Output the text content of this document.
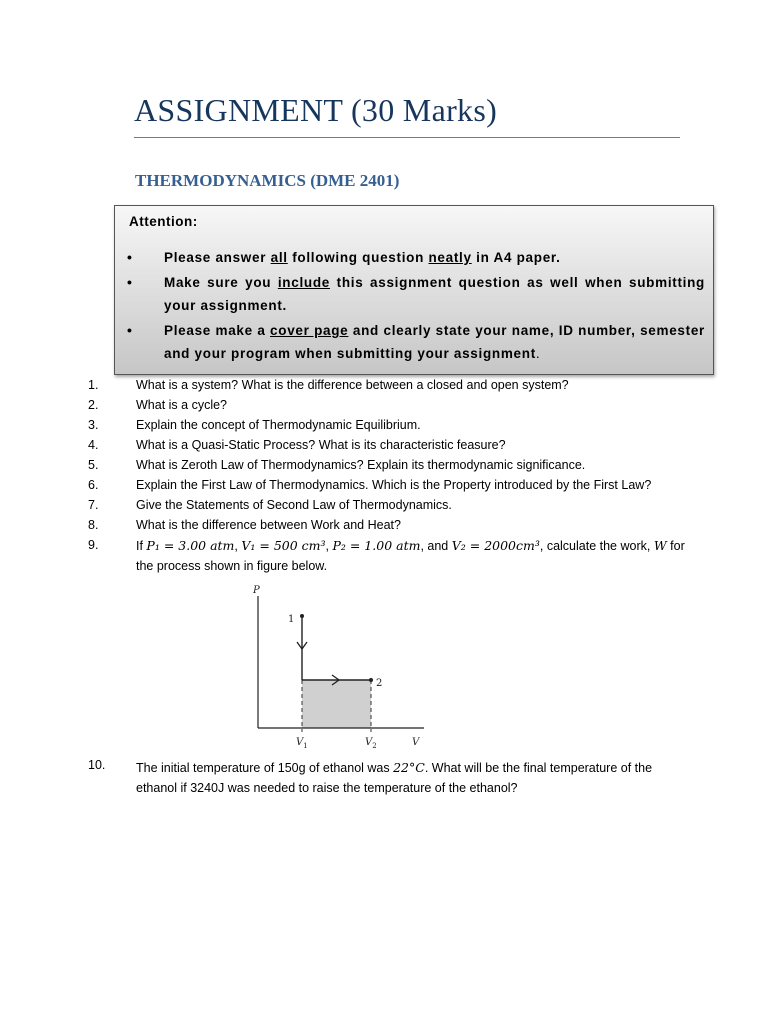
ASSIGNMENT (30 Marks)
THERMODYNAMICS (DME 2401)
Attention:
• Please answer all following question neatly in A4 paper.
• Make sure you include this assignment question as well when submitting your assignment.
• Please make a cover page and clearly state your name, ID number, semester and your program when submitting your assignment.
1.	What is a system? What is the difference between a closed and open system?
2.	What is a cycle?
3.	Explain the concept of Thermodynamic Equilibrium.
4.	What is a Quasi-Static Process? What is its characteristic feasure?
5.	What is Zeroth Law of Thermodynamics? Explain its thermodynamic significance.
6.	Explain the First Law of Thermodynamics. Which is the Property introduced by the First Law?
7.	Give the Statements of Second Law of Thermodynamics.
8.	What is the difference between Work and Heat?
9.	If P₁ = 3.00 atm, V₁ = 500 cm³, P₂ = 1.00 atm, and V₂ = 2000cm³, calculate the work, W for the process shown in figure below.
P
V
1
2
$V_1$	$V_2$
10. The initial temperature of 150g of ethanol was 22°C. What will be the final temperature of the ethanol if 3240J was needed to raise the temperature of the ethanol?
